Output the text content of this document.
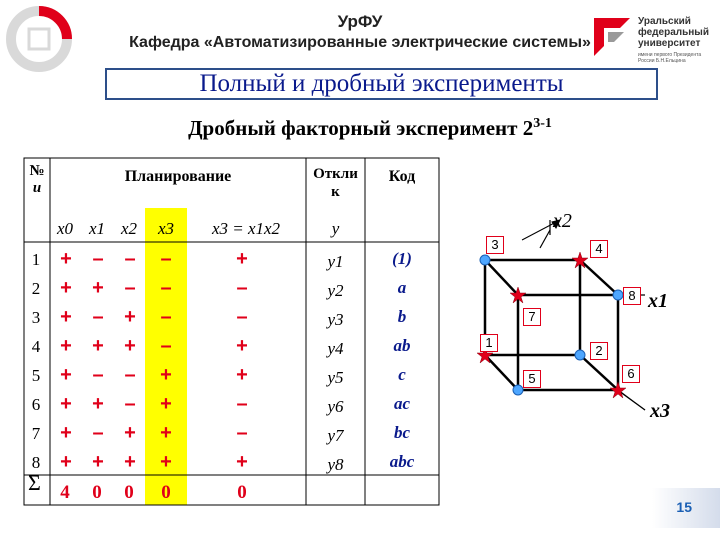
УрФУ
Кафедра «Автоматизированные электрические системы»
Уральский
федеральный
университет
имени первого Президента
России Б.Н.Ельцина
Полный и дробный эксперименты
Дробный факторный эксперимент 2$^{3-1}$
№
u
Планирование	Откли
к
Код
x0 x1 x2	x3	x3 = x1x2	y
1 + – – –	+	y1	(1)
2 + + – –	–	y2	a
3 + – + –	–	y3	b
4 + + + –	+	y4	ab
5 + – – +	+	y5	c
6 + + – +	–	y6	ac
7 + – + +	–	y7	bc
8 + + + +	+	y8	abc
Σ	4	0	0	0	0
x2
x1
x3
3	4
8
7
1
2
5	6
15
